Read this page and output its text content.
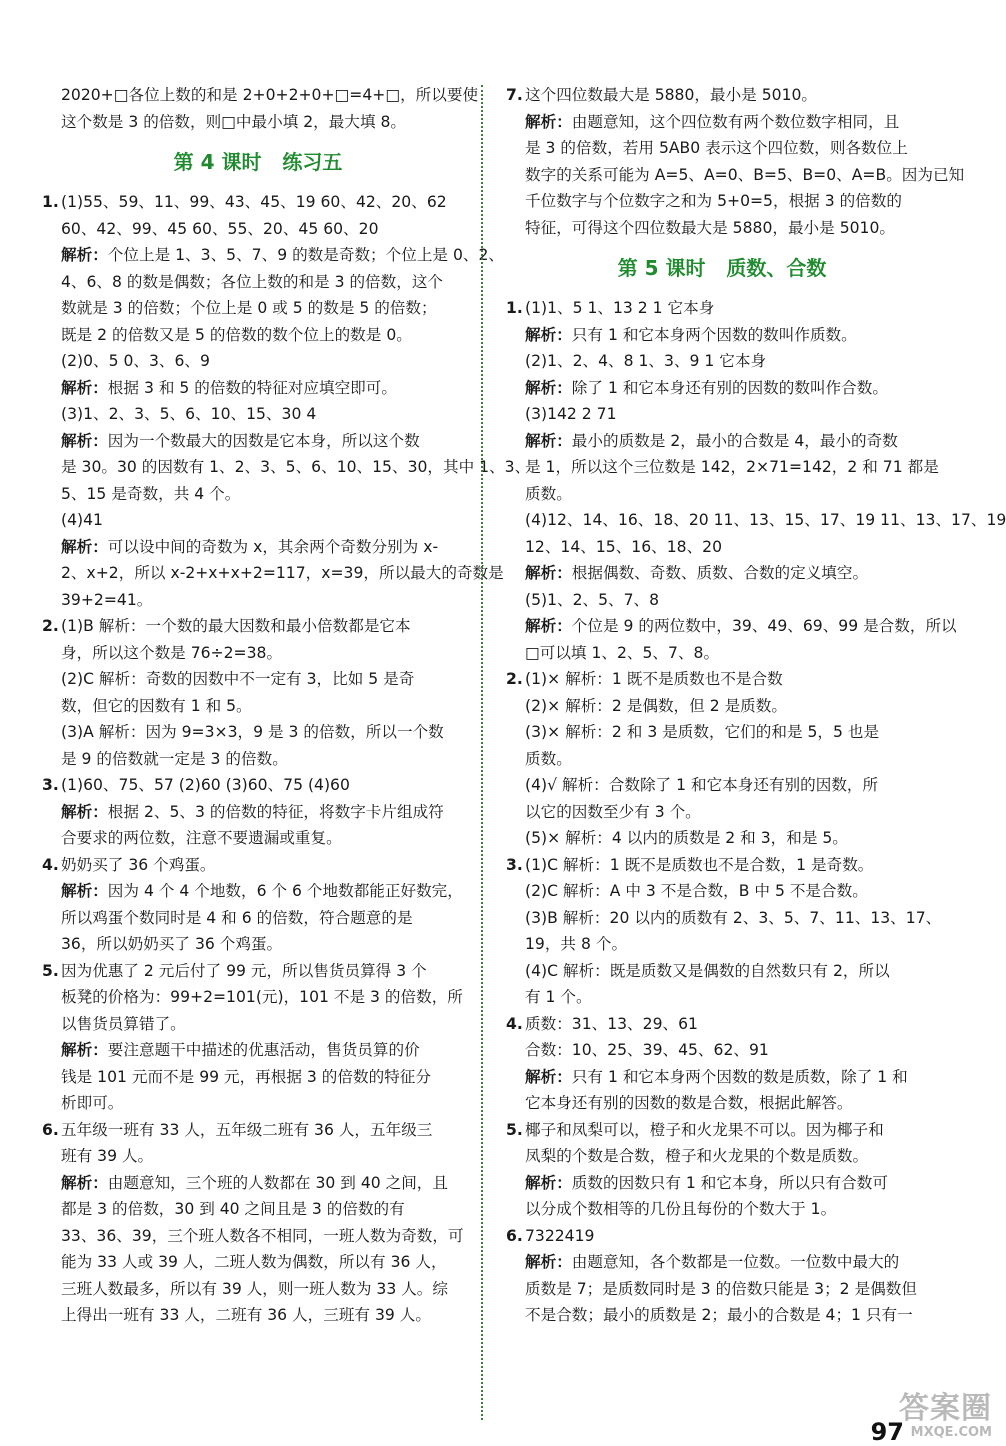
2020+□各位上数的和是 2+0+2+0+□=4+□，所以要使
这个数是 3 的倍数，则□中最小填 2，最大填 8。
第 4 课时   练习五
1. (1)55、59、11、99、43、45、19 60、42、20、62
60、42、99、45 60、55、20、45 60、20
解析：个位上是 1、3、5、7、9 的数是奇数；个位上是 0、2、
4、6、8 的数是偶数；各位上数的和是 3 的倍数，这个
数就是 3 的倍数；个位上是 0 或 5 的数是 5 的倍数；
既是 2 的倍数又是 5 的倍数的数个位上的数是 0。
(2)0、5 0、3、6、9
解析：根据 3 和 5 的倍数的特征对应填空即可。
(3)1、2、3、5、6、10、15、30 4
解析：因为一个数最大的因数是它本身，所以这个数
是 30。30 的因数有 1、2、3、5、6、10、15、30，其中 1、3、
5、15 是奇数，共 4 个。
(4)41
解析：可以设中间的奇数为 x，其余两个奇数分别为 x-
2、x+2，所以 x-2+x+x+2=117，x=39，所以最大的奇数是
39+2=41。
2. (1)B 解析：一个数的最大因数和最小倍数都是它本
身，所以这个数是 76÷2=38。
(2)C 解析：奇数的因数中不一定有 3，比如 5 是奇
数，但它的因数有 1 和 5。
(3)A 解析：因为 9=3×3，9 是 3 的倍数，所以一个数
是 9 的倍数就一定是 3 的倍数。
3. (1)60、75、57 (2)60 (3)60、75 (4)60
解析：根据 2、5、3 的倍数的特征，将数字卡片组成符
合要求的两位数，注意不要遗漏或重复。
4. 奶奶买了 36 个鸡蛋。
解析：因为 4 个 4 个地数，6 个 6 个地数都能正好数完，
所以鸡蛋个数同时是 4 和 6 的倍数，符合题意的是
36，所以奶奶买了 36 个鸡蛋。
5. 因为优惠了 2 元后付了 99 元，所以售货员算得 3 个
板凳的价格为：99+2=101(元)，101 不是 3 的倍数，所
以售货员算错了。
解析：要注意题干中描述的优惠活动，售货员算的价
钱是 101 元而不是 99 元，再根据 3 的倍数的特征分
析即可。
6. 五年级一班有 33 人，五年级二班有 36 人，五年级三
班有 39 人。
解析：由题意知，三个班的人数都在 30 到 40 之间，且
都是 3 的倍数，30 到 40 之间且是 3 的倍数的有
33、36、39，三个班人数各不相同，一班人数为奇数，可
能为 33 人或 39 人，二班人数为偶数，所以有 36 人，
三班人数最多，所以有 39 人，则一班人数为 33 人。综
上得出一班有 33 人，二班有 36 人，三班有 39 人。
7. 这个四位数最大是 5880，最小是 5010。
解析：由题意知，这个四位数有两个数位数字相同，且
是 3 的倍数，若用 5AB0 表示这个四位数，则各数位上
数字的关系可能为 A=5、A=0、B=5、B=0、A=B。因为已知
千位数字与个位数字之和为 5+0=5，根据 3 的倍数的
特征，可得这个四位数最大是 5880，最小是 5010。
第 5 课时   质数、合数
1. (1)1、5 1、13 2 1 它本身
解析：只有 1 和它本身两个因数的数叫作质数。
(2)1、2、4、8 1、3、9 1 它本身
解析：除了 1 和它本身还有别的因数的数叫作合数。
(3)142 2 71
解析：最小的质数是 2，最小的合数是 4，最小的奇数
是 1，所以这个三位数是 142，2×71=142，2 和 71 都是
质数。
(4)12、14、16、18、20 11、13、15、17、19 11、13、17、19
12、14、15、16、18、20
解析：根据偶数、奇数、质数、合数的定义填空。
(5)1、2、5、7、8
解析：个位是 9 的两位数中，39、49、69、99 是合数，所以
□可以填 1、2、5、7、8。
2. (1)× 解析：1 既不是质数也不是合数
(2)× 解析：2 是偶数，但 2 是质数。
(3)× 解析：2 和 3 是质数，它们的和是 5，5 也是
质数。
(4)√ 解析：合数除了 1 和它本身还有别的因数，所
以它的因数至少有 3 个。
(5)× 解析：4 以内的质数是 2 和 3，和是 5。
3. (1)C 解析：1 既不是质数也不是合数，1 是奇数。
(2)C 解析：A 中 3 不是合数，B 中 5 不是合数。
(3)B 解析：20 以内的质数有 2、3、5、7、11、13、17、
19，共 8 个。
(4)C 解析：既是质数又是偶数的自然数只有 2，所以
有 1 个。
4. 质数：31、13、29、61
合数：10、25、39、45、62、91
解析：只有 1 和它本身两个因数的数是质数，除了 1 和
它本身还有别的因数的数是合数，根据此解答。
5. 椰子和凤梨可以，橙子和火龙果不可以。因为椰子和
凤梨的个数是合数，橙子和火龙果的个数是质数。
解析：质数的因数只有 1 和它本身，所以只有合数可
以分成个数相等的几份且每份的个数大于 1。
6. 7322419
解析：由题意知，各个数都是一位数。一位数中最大的
质数是 7；是质数同时是 3 的倍数只能是 3；2 是偶数但
不是合数；最小的质数是 2；最小的合数是 4；1 只有一
97
答案圈
MXQE.COM
